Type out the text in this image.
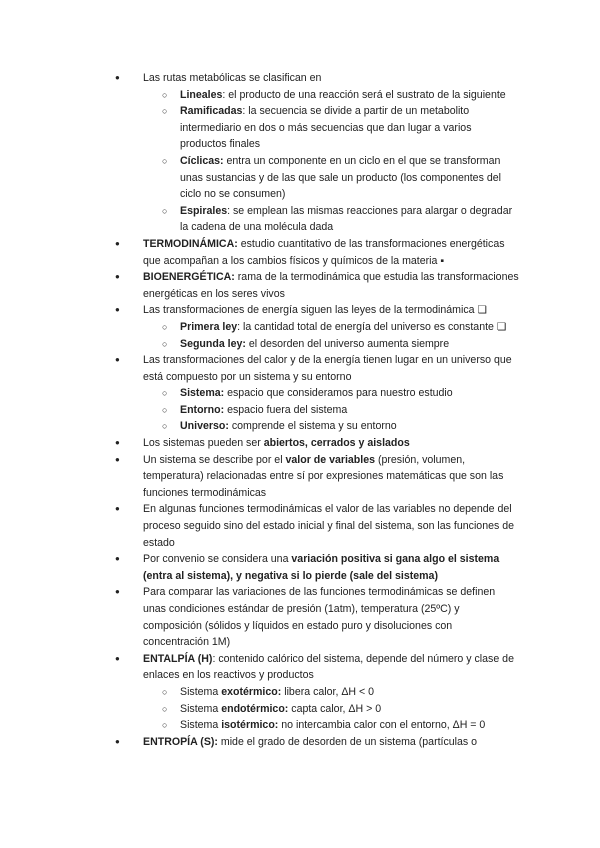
● Las rutas metabólicas se clasifican en
○ Lineales: el producto de una reacción será el sustrato de la siguiente
○ Ramificadas: la secuencia se divide a partir de un metabolito intermediario en dos o más secuencias que dan lugar a varios productos finales
○ Cíclicas: entra un componente en un ciclo en el que se transforman unas sustancias y de las que sale un producto (los componentes del ciclo no se consumen)
○ Espirales: se emplean las mismas reacciones para alargar o degradar la cadena de una molécula dada
● TERMODINÁMICA: estudio cuantitativo de las transformaciones energéticas que acompañan a los cambios físicos y químicos de la materia ▪
● BIOENERGÉTICA: rama de la termodinámica que estudia las transformaciones energéticas en los seres vivos
● Las transformaciones de energía siguen las leyes de la termodinámica ❏
○ Primera ley: la cantidad total de energía del universo es constante ❏
○ Segunda ley: el desorden del universo aumenta siempre
● Las transformaciones del calor y de la energía tienen lugar en un universo que está compuesto por un sistema y su entorno
○ Sistema: espacio que consideramos para nuestro estudio
○ Entorno: espacio fuera del sistema
○ Universo: comprende el sistema y su entorno
● Los sistemas pueden ser abiertos, cerrados y aislados
● Un sistema se describe por el valor de variables (presión, volumen, temperatura) relacionadas entre sí por expresiones matemáticas que son las funciones termodinámicas
● En algunas funciones termodinámicas el valor de las variables no depende del proceso seguido sino del estado inicial y final del sistema, son las funciones de estado
● Por convenio se considera una variación positiva si gana algo el sistema (entra al sistema), y negativa si lo pierde (sale del sistema)
● Para comparar las variaciones de las funciones termodinámicas se definen unas condiciones estándar de presión (1atm), temperatura (25ºC) y composición (sólidos y líquidos en estado puro y disoluciones con concentración 1M)
● ENTALPÍA (H): contenido calórico del sistema, depende del número y clase de enlaces en los reactivos y productos
○ Sistema exotérmico: libera calor, ΔH < 0
○ Sistema endotérmico: capta calor, ΔH > 0
○ Sistema isotérmico: no intercambia calor con el entorno, ΔH = 0
● ENTROPÍA (S): mide el grado de desorden de un sistema (partículas o
